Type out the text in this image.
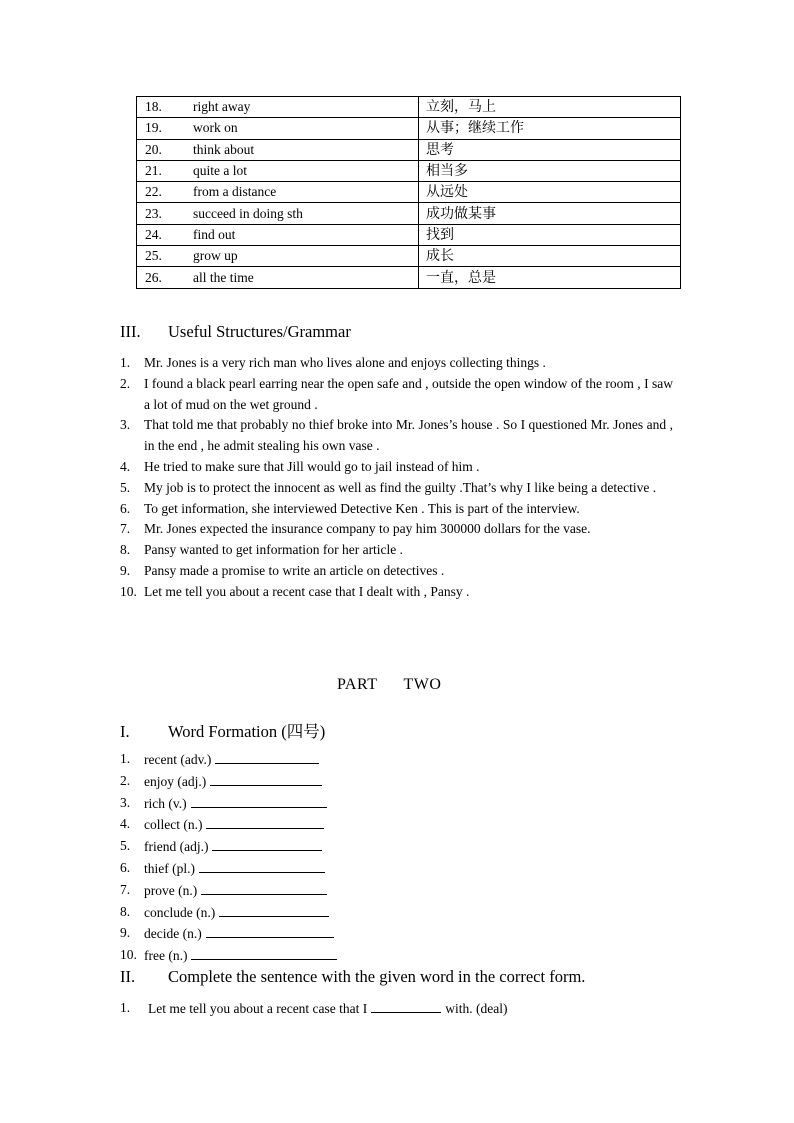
18. right away	立刻，马上
19. work on	从事；继续工作
20. think about	思考
21. quite a lot	相当多
22. from a distance	从远处
23. succeed in doing sth	成功做某事
24. find out	找到
25. grow up	成长
26. all the time	一直，总是
III. Useful Structures/Grammar
1. Mr. Jones is a very rich man who lives alone and enjoys collecting things .
2. I found a black pearl earring near the open safe and , outside the open window of the room , I saw a lot of mud on the wet ground .
3. That told me that probably no thief broke into Mr. Jones’s house . So I questioned Mr. Jones and , in the end , he admit stealing his own vase .
4. He tried to make sure that Jill would go to jail instead of him .
5. My job is to protect the innocent as well as find the guilty .That’s why I like being a detective .
6. To get information, she interviewed Detective Ken . This is part of the interview.
7. Mr. Jones expected the insurance company to pay him 300000 dollars for the vase.
8. Pansy wanted to get information for her article .
9. Pansy made a promise to write an article on detectives .
10. Let me tell you about a recent case that I dealt with , Pansy .
PART TWO
I. Word Formation (四号)
1. recent (adv.)
2. enjoy (adj.)
3. rich (v.)
4. collect (n.)
5. friend (adj.)
6. thief (pl.)
7. prove (n.)
8. conclude (n.)
9. decide (n.)
10. free (n.)
II. Complete the sentence with the given word in the correct form.
1. Let me tell you about a recent case that I	with. (deal)
